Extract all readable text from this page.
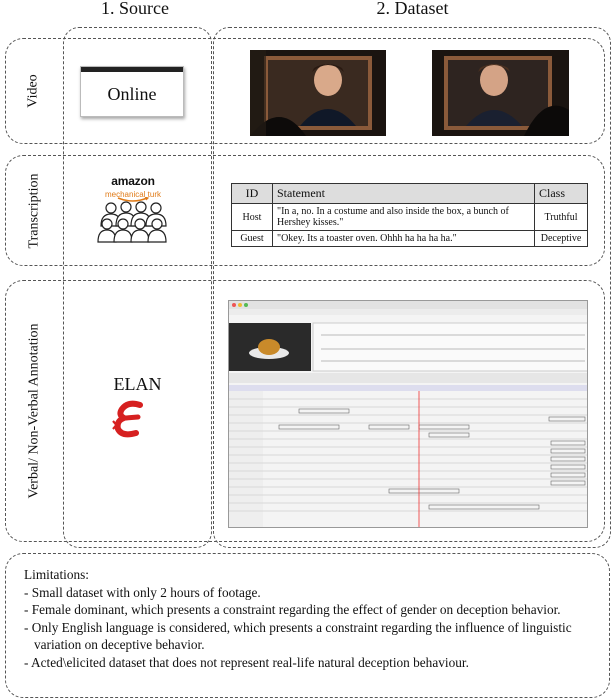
1. Source	2. Dataset
Video
Transcription
Verbal/ Non-Verbal Annotation
Online
amazon
mechanical turk	ID	Statement	Class
Host	"In a, no. In a costume and also inside the box, a bunch of Hershey kisses."	Truthful
Guest	"Okey. Its a toaster oven. Ohhh ha ha ha ha."	Deceptive
ELAN
Limitations:
- Small dataset with only 2 hours of footage.
- Female dominant, which presents a constraint regarding the effect of gender on deception behavior.
- Only English language is considered, which presents a constraint regarding the influence of linguistic variation on deceptive behavior.
- Acted\elicited dataset that does not represent real-life natural deception behaviour.
